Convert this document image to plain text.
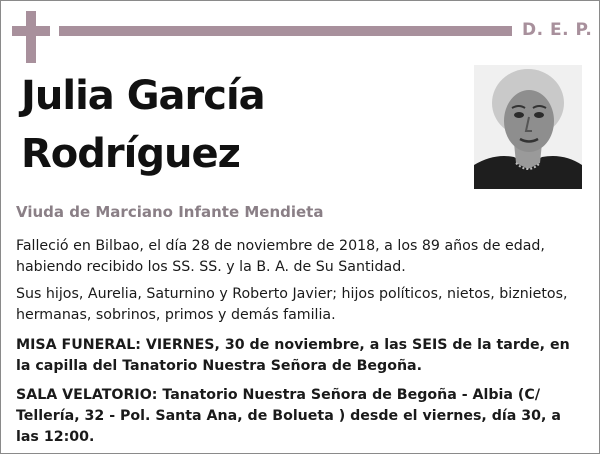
D. E. P.
Julia García
Rodríguez
Viuda de Marciano Infante Mendieta
Falleció en Bilbao, el día 28 de noviembre de 2018, a los 89 años de edad, habiendo recibido los SS. SS. y la B. A. de Su Santidad.
Sus hijos, Aurelia, Saturnino y Roberto Javier; hijos políticos, nietos, biznietos, hermanas, sobrinos, primos y demás familia.
MISA FUNERAL: VIERNES, 30 de noviembre, a las SEIS de la tarde, en la capilla del Tanatorio Nuestra Señora de Begoña.
SALA VELATORIO: Tanatorio Nuestra Señora de Begoña - Albia (C/ Tellería, 32 - Pol. Santa Ana, de Bolueta ) desde el viernes, día 30, a las 12:00.
